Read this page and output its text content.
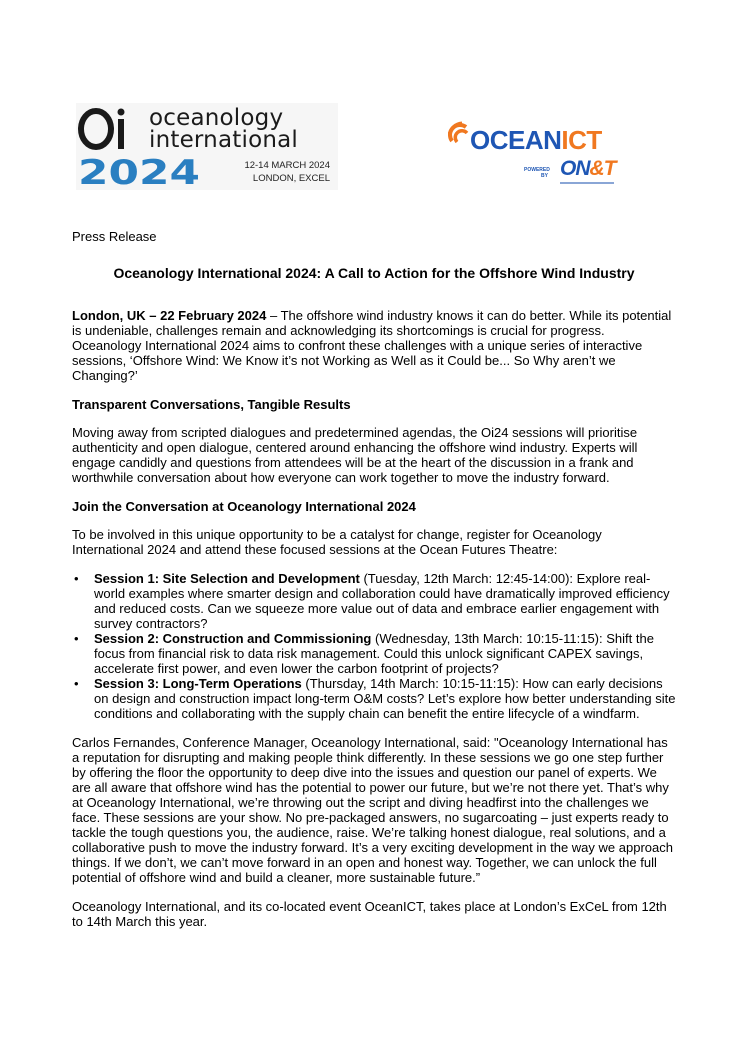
oceanology
international
2024	12-14 MARCH 2024
LONDON, EXCEL
OCEANICT
POWERED BY ON&T

Press Release

Oceanology International 2024: A Call to Action for the Offshore Wind Industry

London, UK – 22 February 2024 – The offshore wind industry knows it can do better. While its potential is undeniable, challenges remain and acknowledging its shortcomings is crucial for progress. Oceanology International 2024 aims to confront these challenges with a unique series of interactive sessions, ‘Offshore Wind: We Know it’s not Working as Well as it Could be... So Why aren’t we Changing?’

Transparent Conversations, Tangible Results

Moving away from scripted dialogues and predetermined agendas, the Oi24 sessions will prioritise authenticity and open dialogue, centered around enhancing the offshore wind industry. Experts will engage candidly and questions from attendees will be at the heart of the discussion in a frank and worthwhile conversation about how everyone can work together to move the industry forward.

Join the Conversation at Oceanology International 2024

To be involved in this unique opportunity to be a catalyst for change, register for Oceanology International 2024 and attend these focused sessions at the Ocean Futures Theatre:

• Session 1: Site Selection and Development (Tuesday, 12th March: 12:45-14:00): Explore real-world examples where smarter design and collaboration could have dramatically improved efficiency and reduced costs. Can we squeeze more value out of data and embrace earlier engagement with survey contractors?
• Session 2: Construction and Commissioning (Wednesday, 13th March: 10:15-11:15): Shift the focus from financial risk to data risk management. Could this unlock significant CAPEX savings, accelerate first power, and even lower the carbon footprint of projects?
• Session 3: Long-Term Operations (Thursday, 14th March: 10:15-11:15): How can early decisions on design and construction impact long-term O&M costs? Let’s explore how better understanding site conditions and collaborating with the supply chain can benefit the entire lifecycle of a windfarm.

Carlos Fernandes, Conference Manager, Oceanology International, said: "Oceanology International has a reputation for disrupting and making people think differently. In these sessions we go one step further by offering the floor the opportunity to deep dive into the issues and question our panel of experts. We are all aware that offshore wind has the potential to power our future, but we’re not there yet. That’s why at Oceanology International, we’re throwing out the script and diving headfirst into the challenges we face. These sessions are your show. No pre-packaged answers, no sugarcoating – just experts ready to tackle the tough questions you, the audience, raise. We’re talking honest dialogue, real solutions, and a collaborative push to move the industry forward. It’s a very exciting development in the way we approach things. If we don’t, we can’t move forward in an open and honest way. Together, we can unlock the full potential of offshore wind and build a cleaner, more sustainable future.”

Oceanology International, and its co-located event OceanICT, takes place at London’s ExCeL from 12th to 14th March this year.
